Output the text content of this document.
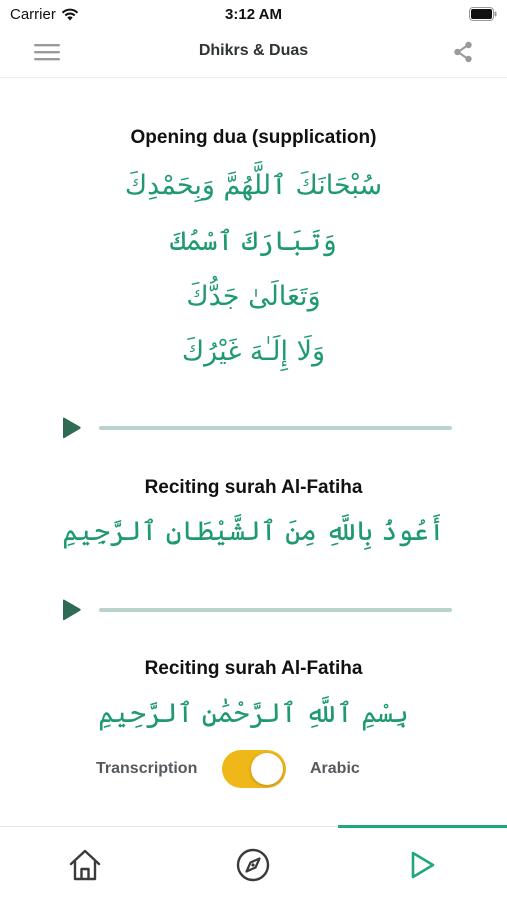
Carrier	3:12 AM
Dhikrs & Duas
Opening dua (supplication)
سُبْحَانَكَ ٱللَّهُمَّ وَبِحَمْدِكَ
وَتَبَارَكَ ٱسْمُكَ
وَتَعَالَىٰ جَدُّكَ
وَلَا إِلَـٰهَ غَيْرُكَ
Reciting surah Al-Fatiha
أَعُوذُ بِاللَّهِ مِنَ ٱلشَّيْطَانِ ٱلرَّجِيمِ
Reciting surah Al-Fatiha
بِسْمِ ٱللَّهِ ٱلرَّحْمَٰنِ ٱلرَّحِيمِ
Transcription	Arabic
